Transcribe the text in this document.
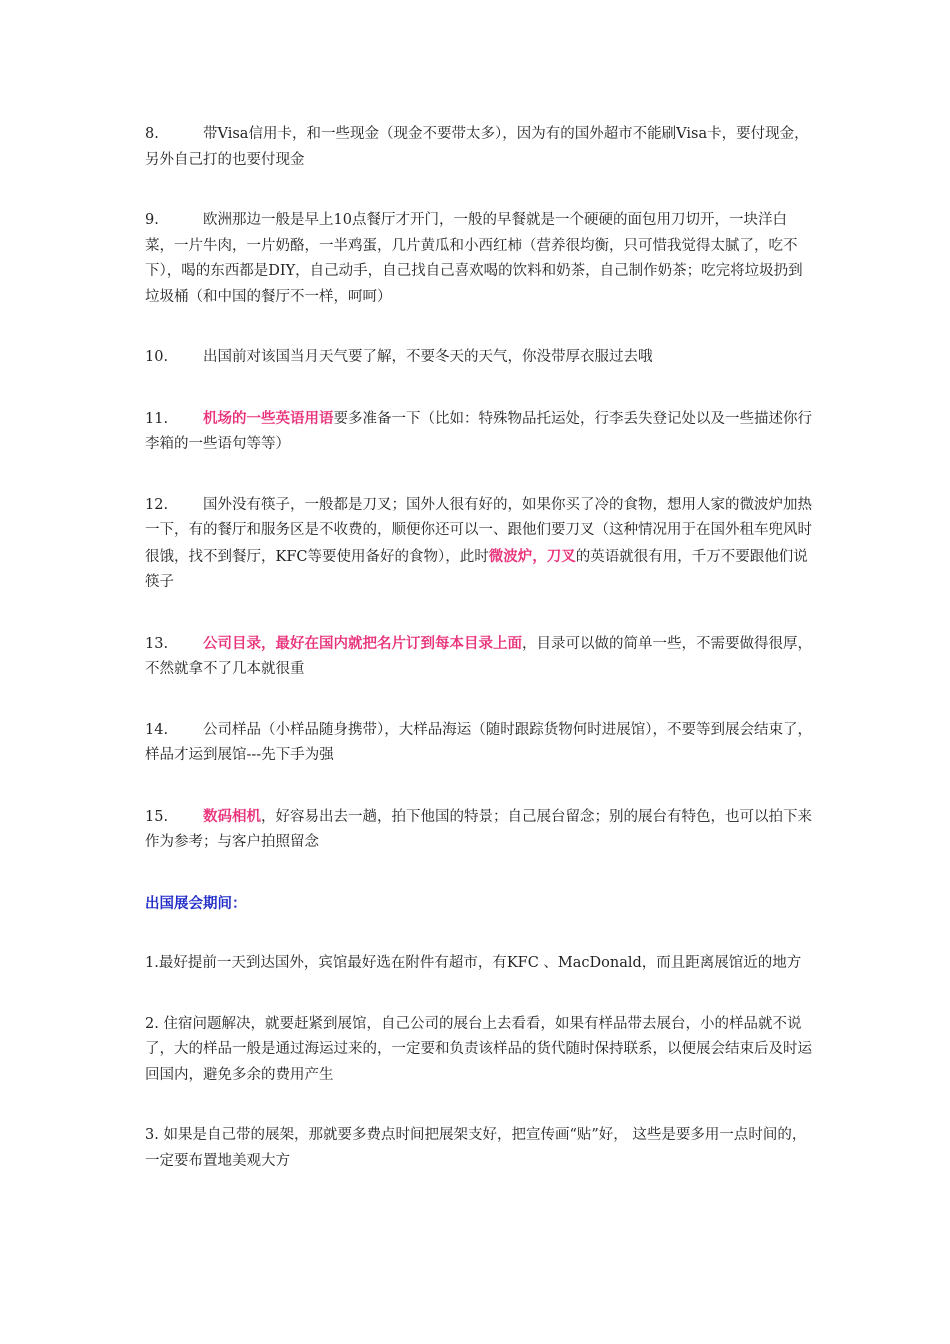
8.	带Visa信用卡，和一些现金（现金不要带太多），因为有的国外超市不能刷Visa卡，要付现金，另外自己打的也要付现金

9.	欧洲那边一般是早上10点餐厅才开门，一般的早餐就是一个硬硬的面包用刀切开，一块洋白菜，一片牛肉，一片奶酪，一半鸡蛋，几片黄瓜和小西红柿（营养很均衡，只可惜我觉得太腻了，吃不下），喝的东西都是DIY，自己动手，自己找自己喜欢喝的饮料和奶茶，自己制作奶茶；吃完将垃圾扔到垃圾桶（和中国的餐厅不一样，呵呵）

10. 出国前对该国当月天气要了解，不要冬天的天气，你没带厚衣服过去哦

11. 机场的一些英语用语要多准备一下（比如：特殊物品托运处，行李丢失登记处以及一些描述你行李箱的一些语句等等）

12. 国外没有筷子，一般都是刀叉；国外人很有好的，如果你买了冷的食物，想用人家的微波炉加热一下，有的餐厅和服务区是不收费的，顺便你还可以一、跟他们要刀叉（这种情况用于在国外租车兜风时很饿，找不到餐厅，KFC等要使用备好的食物），此时微波炉，刀叉的英语就很有用，千万不要跟他们说筷子

13. 公司目录，最好在国内就把名片订到每本目录上面，目录可以做的简单一些，不需要做得很厚，不然就拿不了几本就很重

14. 公司样品（小样品随身携带），大样品海运（随时跟踪货物何时进展馆），不要等到展会结束了，样品才运到展馆---先下手为强

15. 数码相机，好容易出去一趟，拍下他国的特景；自己展台留念；别的展台有特色，也可以拍下来作为参考；与客户拍照留念

出国展会期间：

1.最好提前一天到达国外，宾馆最好选在附件有超市，有KFC 、MacDonald，而且距离展馆近的地方

2. 住宿问题解决，就要赶紧到展馆，自己公司的展台上去看看，如果有样品带去展台，小的样品就不说了，大的样品一般是通过海运过来的，一定要和负责该样品的货代随时保持联系，以便展会结束后及时运回国内，避免多余的费用产生

3. 如果是自己带的展架，那就要多费点时间把展架支好，把宣传画“贴”好， 这些是要多用一点时间的，一定要布置地美观大方
